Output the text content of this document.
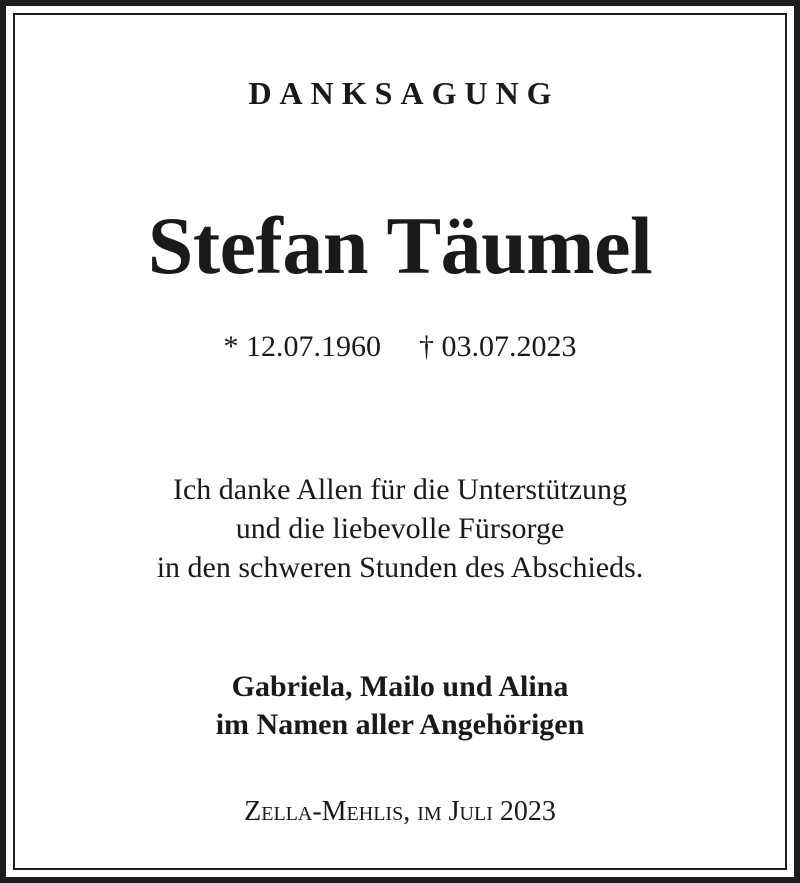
DANKSAGUNG
Stefan Täumel
* 12.07.1960 † 03.07.2023
Ich danke Allen für die Unterstützung
und die liebevolle Fürsorge
in den schweren Stunden des Abschieds.
Gabriela, Mailo und Alina
im Namen aller Angehörigen
Zella-Mehlis, im Juli 2023
